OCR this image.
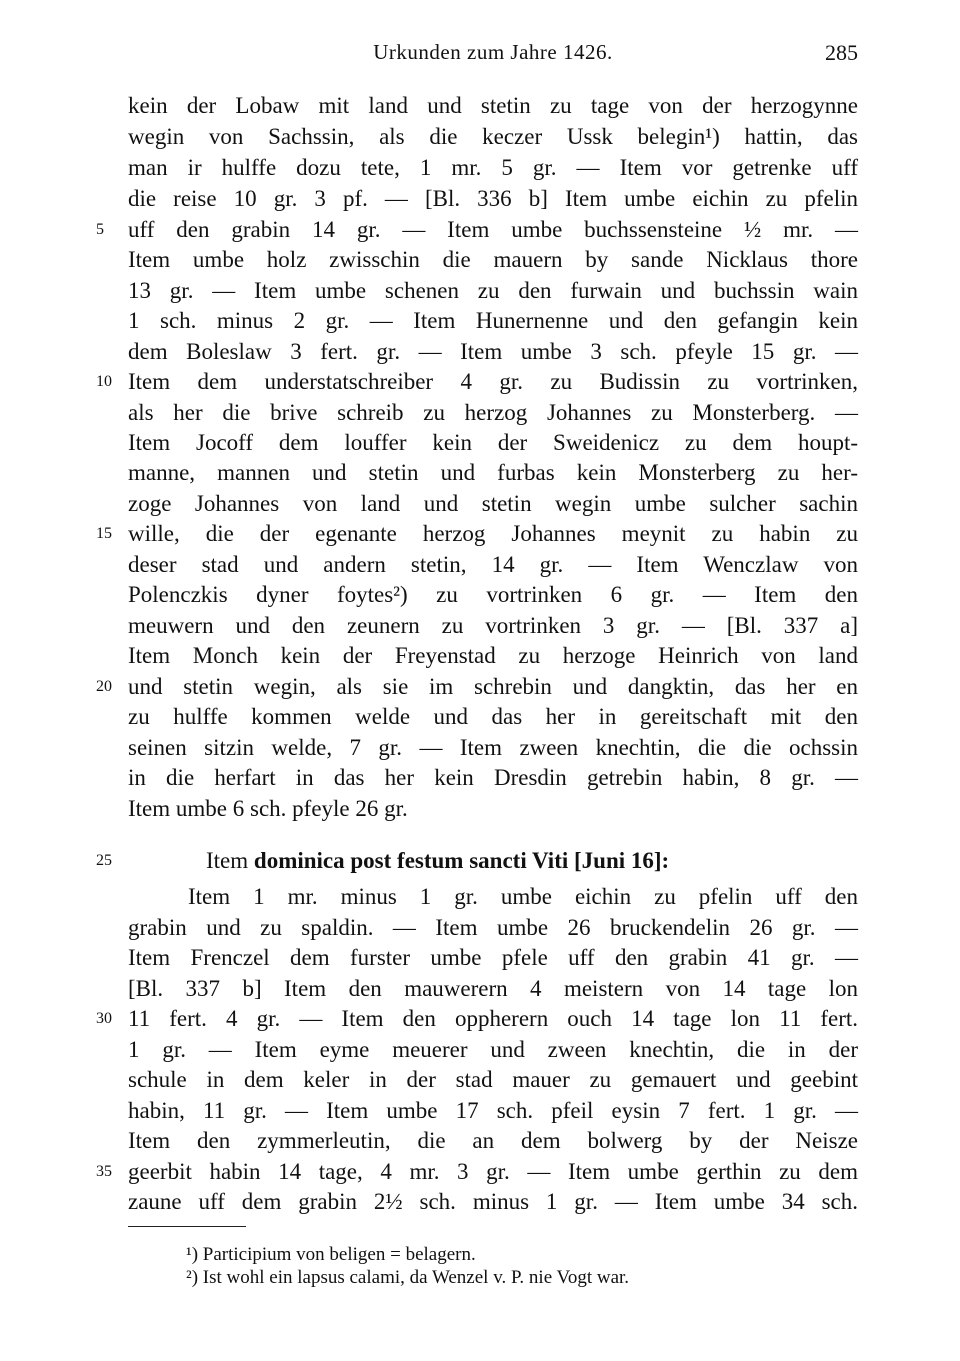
Urkunden zum Jahre 1426.	285
kein der Lobaw mit land und stetin zu tage von der herzogynne
wegin von Sachssin, als die keczer Ussk belegin¹) hattin, das
man ir hulffe dozu tete, 1 mr. 5 gr. — Item vor getrenke uff
die reise 10 gr. 3 pf. — [Bl. 336 b] Item umbe eichin zu pfelin
uff den grabin 14 gr. — Item umbe buchssensteine ½ mr. —
Item umbe holz zwisschin die mauern by sande Nicklaus thore
13 gr. — Item umbe schenen zu den furwain und buchssin wain
1 sch. minus 2 gr. — Item Hunernenne und den gefangin kein
dem Boleslaw 3 fert. gr. — Item umbe 3 sch. pfeyle 15 gr. —
Item dem understatschreiber 4 gr. zu Budissin zu vortrinken,
als her die brive schreib zu herzog Johannes zu Monsterberg. —
Item Jocoff dem louffer kein der Sweidenicz zu dem houpt-
manne, mannen und stetin und furbas kein Monsterberg zu her-
zoge Johannes von land und stetin wegin umbe sulcher sachin
wille, die der egenante herzog Johannes meynit zu habin zu
deser stad und andern stetin, 14 gr. — Item Wenczlaw von
Polenczkis dyner foytes²) zu vortrinken 6 gr. — Item den
meuwern und den zeunern zu vortrinken 3 gr. — [Bl. 337 a]
Item Monch kein der Freyenstad zu herzoge Heinrich von land
und stetin wegin, als sie im schrebin und dangktin, das her en
zu hulffe kommen welde und das her in gereitschaft mit den
seinen sitzin welde, 7 gr. — Item zween knechtin, die die ochssin
in die herfart in das her kein Dresdin getrebin habin, 8 gr. —
Item umbe 6 sch. pfeyle 26 gr.
Item dominica post festum sancti Viti [Juni 16]:
Item 1 mr. minus 1 gr. umbe eichin zu pfelin uff den
grabin und zu spaldin. — Item umbe 26 bruckendelin 26 gr. —
Item Frenczel dem furster umbe pfele uff den grabin 41 gr. —
[Bl. 337 b] Item den mauwerern 4 meistern von 14 tage lon
11 fert. 4 gr. — Item den oppherern ouch 14 tage lon 11 fert.
1 gr. — Item eyme meuerer und zween knechtin, die in der
schule in dem keler in der stad mauer zu gemauert und geebint
habin, 11 gr. — Item umbe 17 sch. pfeil eysin 7 fert. 1 gr. —
Item den zymmerleutin, die an dem bolwerg by der Neisze
geerbit habin 14 tage, 4 mr. 3 gr. — Item umbe gerthin zu dem
zaune uff dem grabin 2½ sch. minus 1 gr. — Item umbe 34 sch.
5
10
15
20
25
30
35
¹) Participium von beligen = belagern.
²) Ist wohl ein lapsus calami, da Wenzel v. P. nie Vogt war.
